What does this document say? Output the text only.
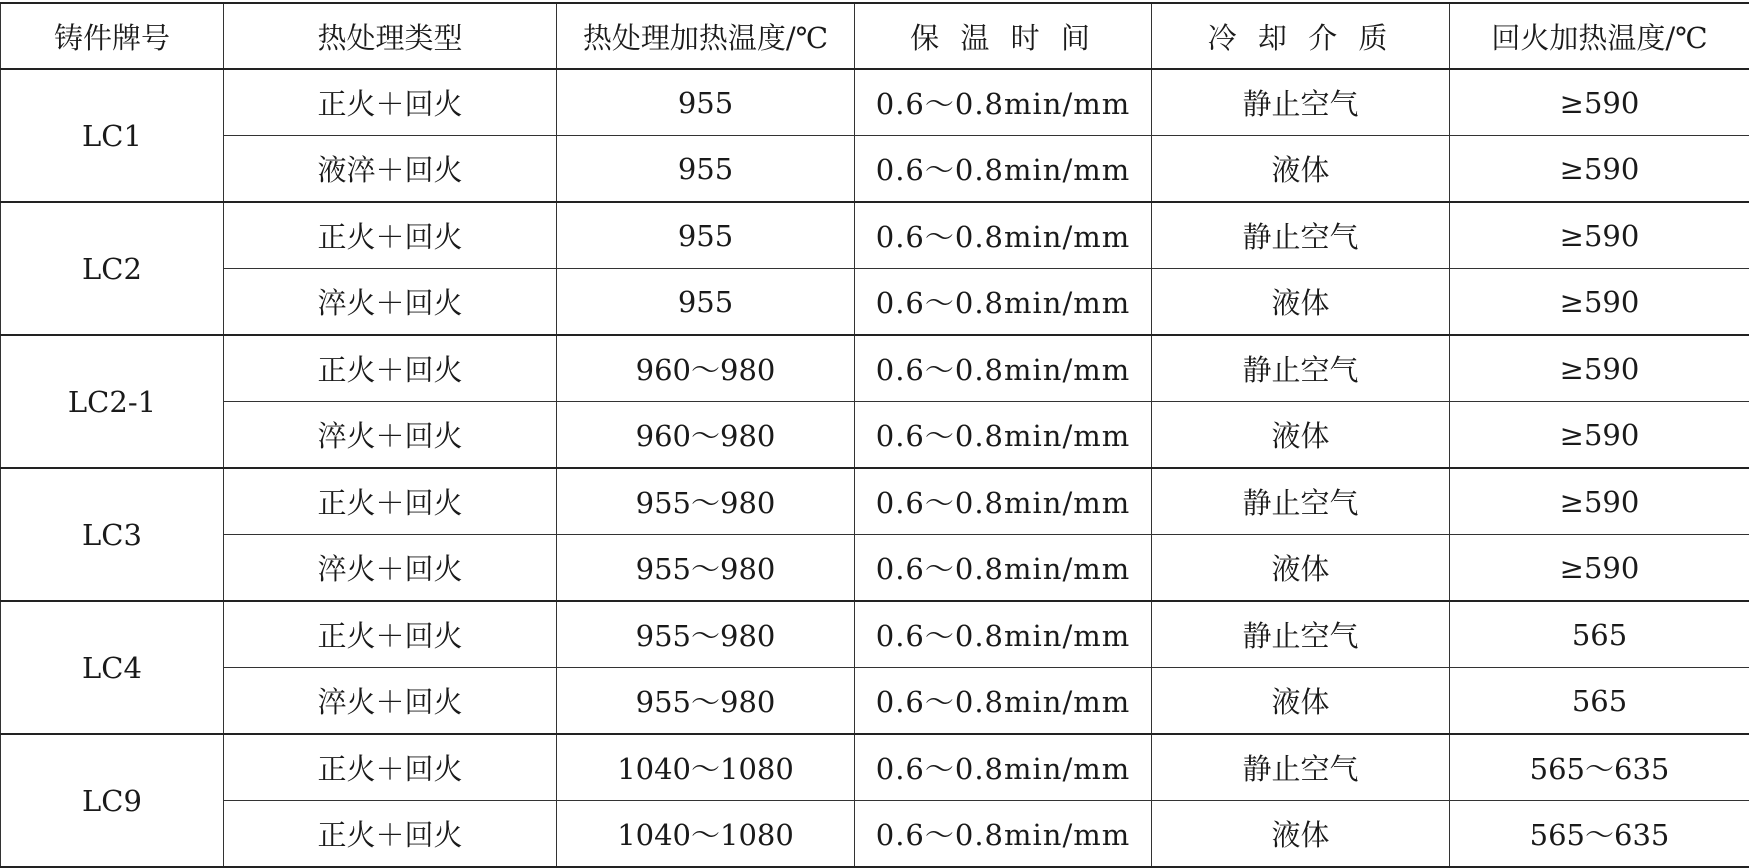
铸件牌号	热处理类型	热处理加热温度/℃	保 温 时 间	冷 却 介 质	回火加热温度/℃
LC1	正火＋回火	955	0.6～0.8min/mm	静止空气	≥590
	液淬＋回火	955	0.6～0.8min/mm	液体	≥590
LC2	正火＋回火	955	0.6～0.8min/mm	静止空气	≥590
	淬火＋回火	955	0.6～0.8min/mm	液体	≥590
LC2-1	正火＋回火	960～980	0.6～0.8min/mm	静止空气	≥590
	淬火＋回火	960～980	0.6～0.8min/mm	液体	≥590
LC3	正火＋回火	955～980	0.6～0.8min/mm	静止空气	≥590
	淬火＋回火	955～980	0.6～0.8min/mm	液体	≥590
LC4	正火＋回火	955～980	0.6～0.8min/mm	静止空气	565
	淬火＋回火	955～980	0.6～0.8min/mm	液体	565
LC9	正火＋回火	1040～1080	0.6～0.8min/mm	静止空气	565～635
	正火＋回火	1040～1080	0.6～0.8min/mm	液体	565～635
